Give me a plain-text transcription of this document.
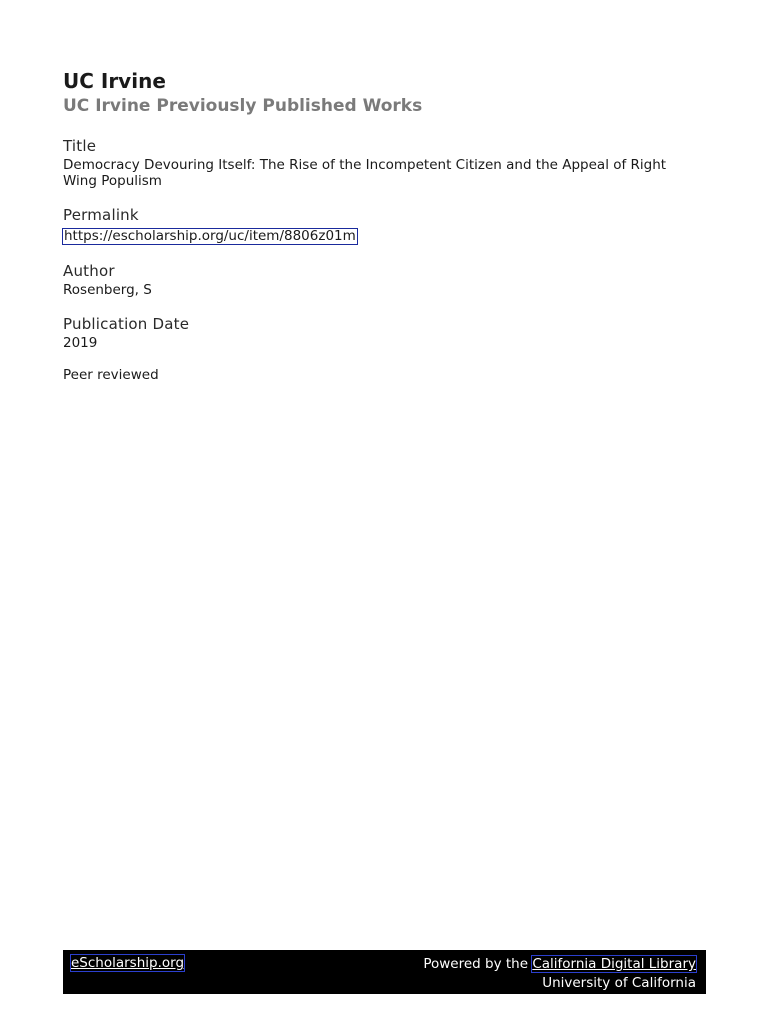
UC Irvine
UC Irvine Previously Published Works
Title
Democracy Devouring Itself: The Rise of the Incompetent Citizen and the Appeal of Right Wing Populism
Permalink
https://escholarship.org/uc/item/8806z01m
Author
Rosenberg, S
Publication Date
2019
Peer reviewed
eScholarship.org	Powered by the California Digital Library
University of California
